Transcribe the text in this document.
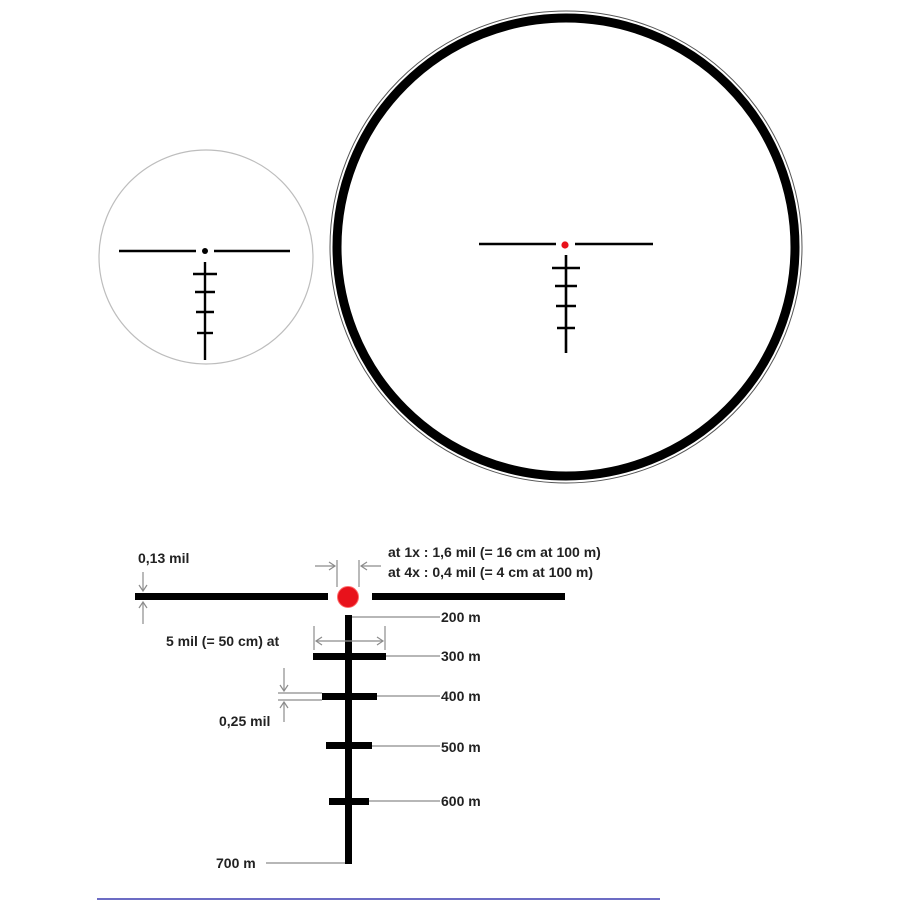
0,13 mil	at 1x : 1,6 mil (= 16 cm at 100 m)
at 4x : 0,4 mil (= 4 cm at 100 m)
5 mil (= 50 cm) at
0,25 mil
200 m
300 m
400 m
500 m
600 m
700 m
